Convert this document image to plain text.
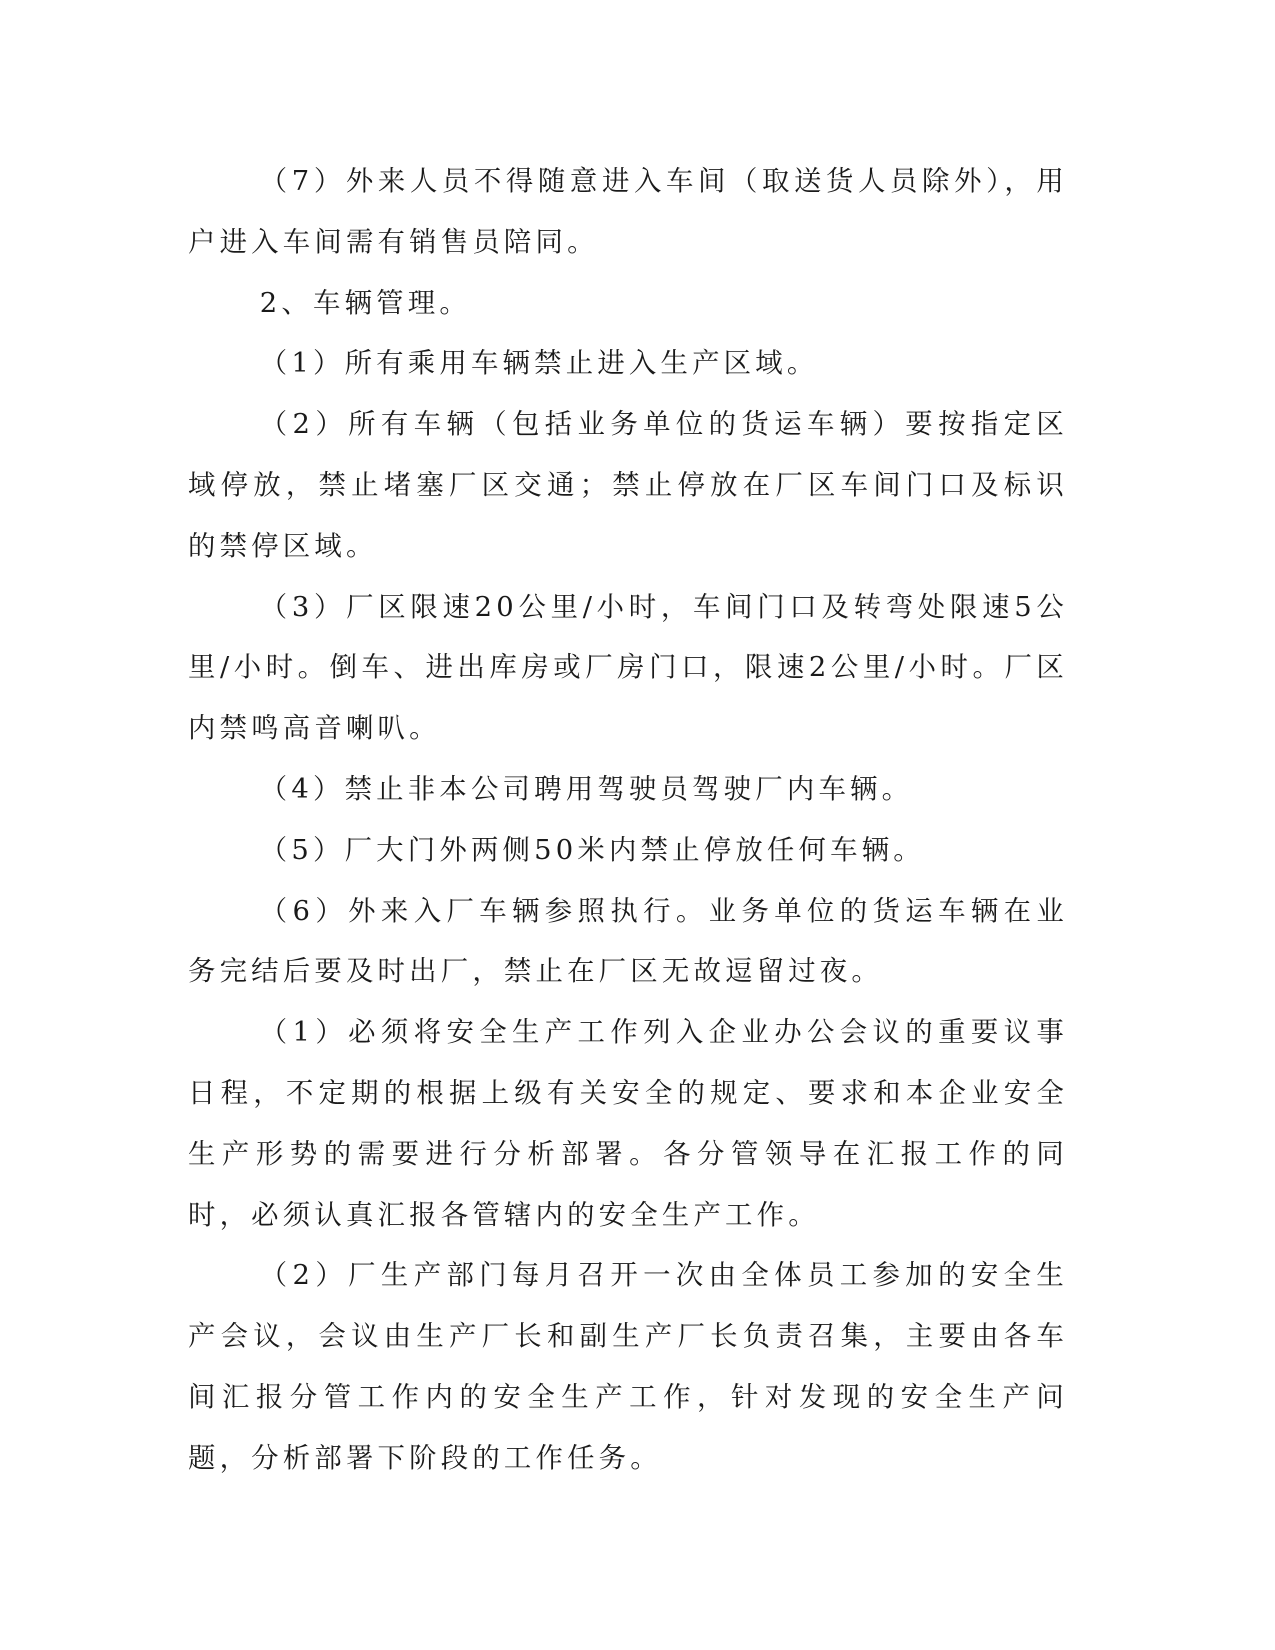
（7）外来人员不得随意进入车间（取送货人员除外），用户进入车间需有销售员陪同。

2、车辆管理。

（1）所有乘用车辆禁止进入生产区域。

（2）所有车辆（包括业务单位的货运车辆）要按指定区域停放，禁止堵塞厂区交通；禁止停放在厂区车间门口及标识的禁停区域。

（3）厂区限速20公里/小时，车间门口及转弯处限速5公里/小时。倒车、进出库房或厂房门口，限速2公里/小时。厂区内禁鸣高音喇叭。

（4）禁止非本公司聘用驾驶员驾驶厂内车辆。

（5）厂大门外两侧50米内禁止停放任何车辆。

（6）外来入厂车辆参照执行。业务单位的货运车辆在业务完结后要及时出厂，禁止在厂区无故逗留过夜。

（1）必须将安全生产工作列入企业办公会议的重要议事日程，不定期的根据上级有关安全的规定、要求和本企业安全生产形势的需要进行分析部署。各分管领导在汇报工作的同时，必须认真汇报各管辖内的安全生产工作。

（2）厂生产部门每月召开一次由全体员工参加的安全生产会议，会议由生产厂长和副生产厂长负责召集，主要由各车间汇报分管工作内的安全生产工作，针对发现的安全生产问题，分析部署下阶段的工作任务。
